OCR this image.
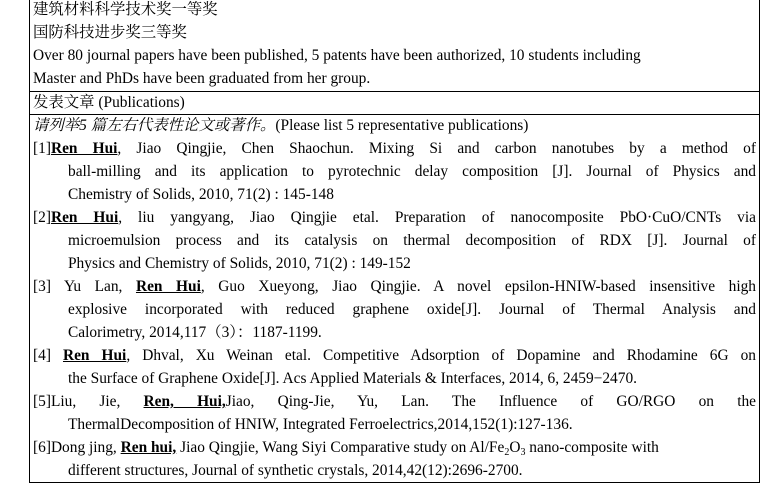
建筑材料科学技术奖一等奖
国防科技进步奖三等奖
Over 80 journal papers have been published, 5 patents have been authorized, 10 students including
Master and PhDs have been graduated from her group.
发表文章 (Publications)
请列举5 篇左右代表性论文或著作。(Please list 5 representative publications)
[1]Ren Hui, Jiao Qingjie, Chen Shaochun. Mixing Si and carbon nanotubes by a method of
ball-milling and its application to pyrotechnic delay composition [J]. Journal of Physics and
Chemistry of Solids, 2010, 71(2) : 145-148
[2]Ren Hui, liu yangyang, Jiao Qingjie etal. Preparation of nanocomposite PbO·CuO/CNTs via
microemulsion process and its catalysis on thermal decomposition of RDX [J]. Journal of
Physics and Chemistry of Solids, 2010, 71(2) : 149-152
[3] Yu Lan, Ren Hui, Guo Xueyong, Jiao Qingjie. A novel epsilon-HNIW-based insensitive high
explosive incorporated with reduced graphene oxide[J]. Journal of Thermal Analysis and
Calorimetry, 2014,117（3）：1187-1199.
[4] Ren Hui, Dhval, Xu Weinan etal. Competitive Adsorption of Dopamine and Rhodamine 6G on
the Surface of Graphene Oxide[J]. Acs Applied Materials & Interfaces, 2014, 6, 2459−2470.
[5]Liu, Jie, Ren, Hui,Jiao, Qing-Jie, Yu, Lan. The Influence of GO/RGO on the
ThermalDecomposition of HNIW, Integrated Ferroelectrics,2014,152(1):127-136.
[6]Dong jing, Ren hui, Jiao Qingjie, Wang Siyi Comparative study on $Al/Fe_2O_3$ nano-composite with
different structures, Journal of synthetic crystals, 2014,42(12):2696-2700.
